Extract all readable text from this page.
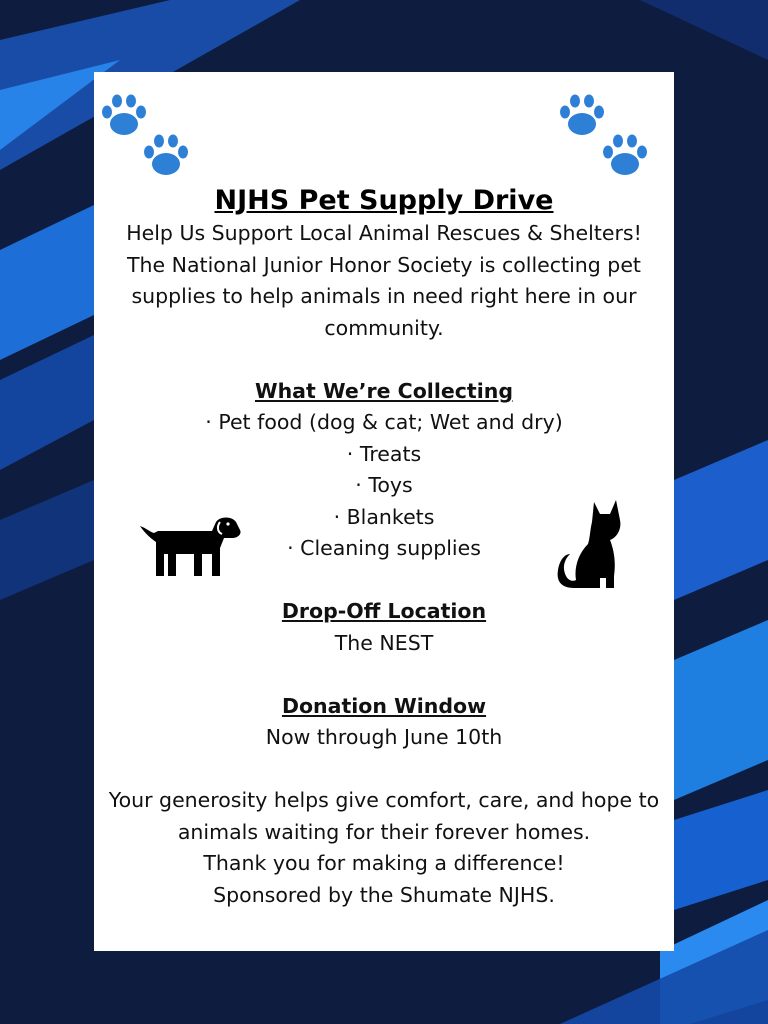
NJHS Pet Supply Drive

Help Us Support Local Animal Rescues & Shelters!

The National Junior Honor Society is collecting pet supplies to help animals in need right here in our community.

What We’re Collecting

· Pet food (dog & cat; Wet and dry)

· Treats

· Toys

· Blankets

· Cleaning supplies

Drop-Off Location

The NEST

Donation Window

Now through June 10th

Your generosity helps give comfort, care, and hope to animals waiting for their forever homes.

Thank you for making a difference!

Sponsored by the Shumate NJHS.
